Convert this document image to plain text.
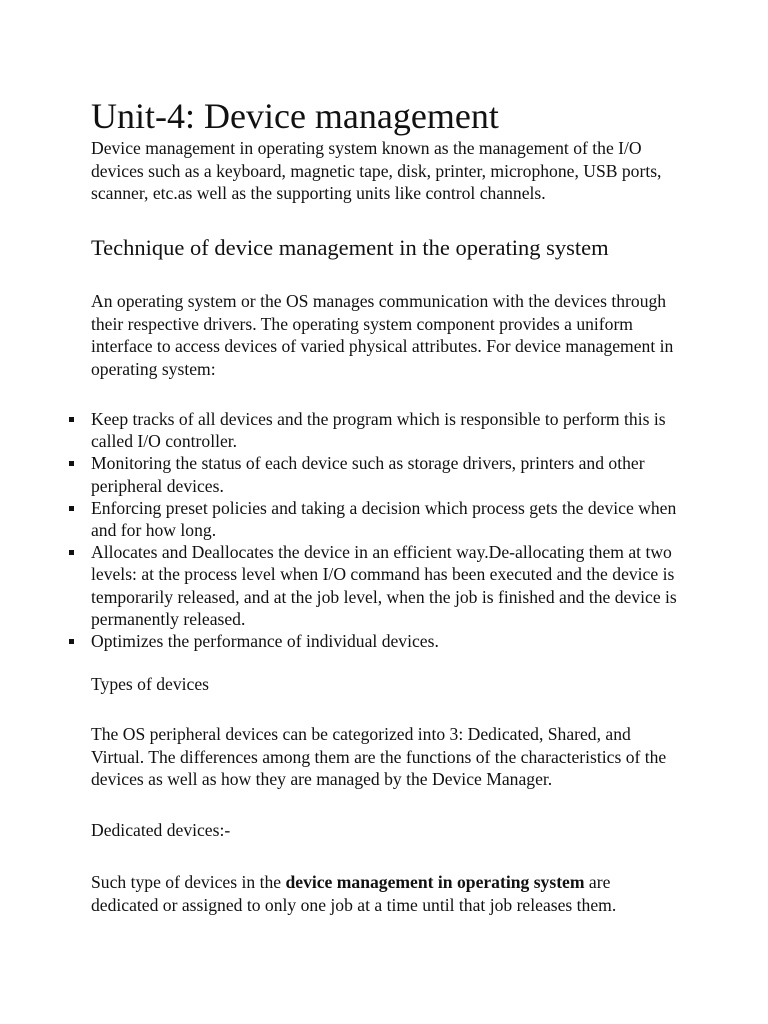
Unit-4: Device management

Device management in operating system known as the management of the I/O devices such as a keyboard, magnetic tape, disk, printer, microphone, USB ports, scanner, etc.as well as the supporting units like control channels.

Technique of device management in the operating system

An operating system or the OS manages communication with the devices through their respective drivers. The operating system component provides a uniform interface to access devices of varied physical attributes. For device management in operating system:

Keep tracks of all devices and the program which is responsible to perform this is called I/O controller.
Monitoring the status of each device such as storage drivers, printers and other peripheral devices.
Enforcing preset policies and taking a decision which process gets the device when and for how long.
Allocates and Deallocates the device in an efficient way.De-allocating them at two levels: at the process level when I/O command has been executed and the device is temporarily released, and at the job level, when the job is finished and the device is permanently released.
Optimizes the performance of individual devices.

Types of devices

The OS peripheral devices can be categorized into 3: Dedicated, Shared, and Virtual. The differences among them are the functions of the characteristics of the devices as well as how they are managed by the Device Manager.

Dedicated devices:-

Such type of devices in the device management in operating system are dedicated or assigned to only one job at a time until that job releases them.
